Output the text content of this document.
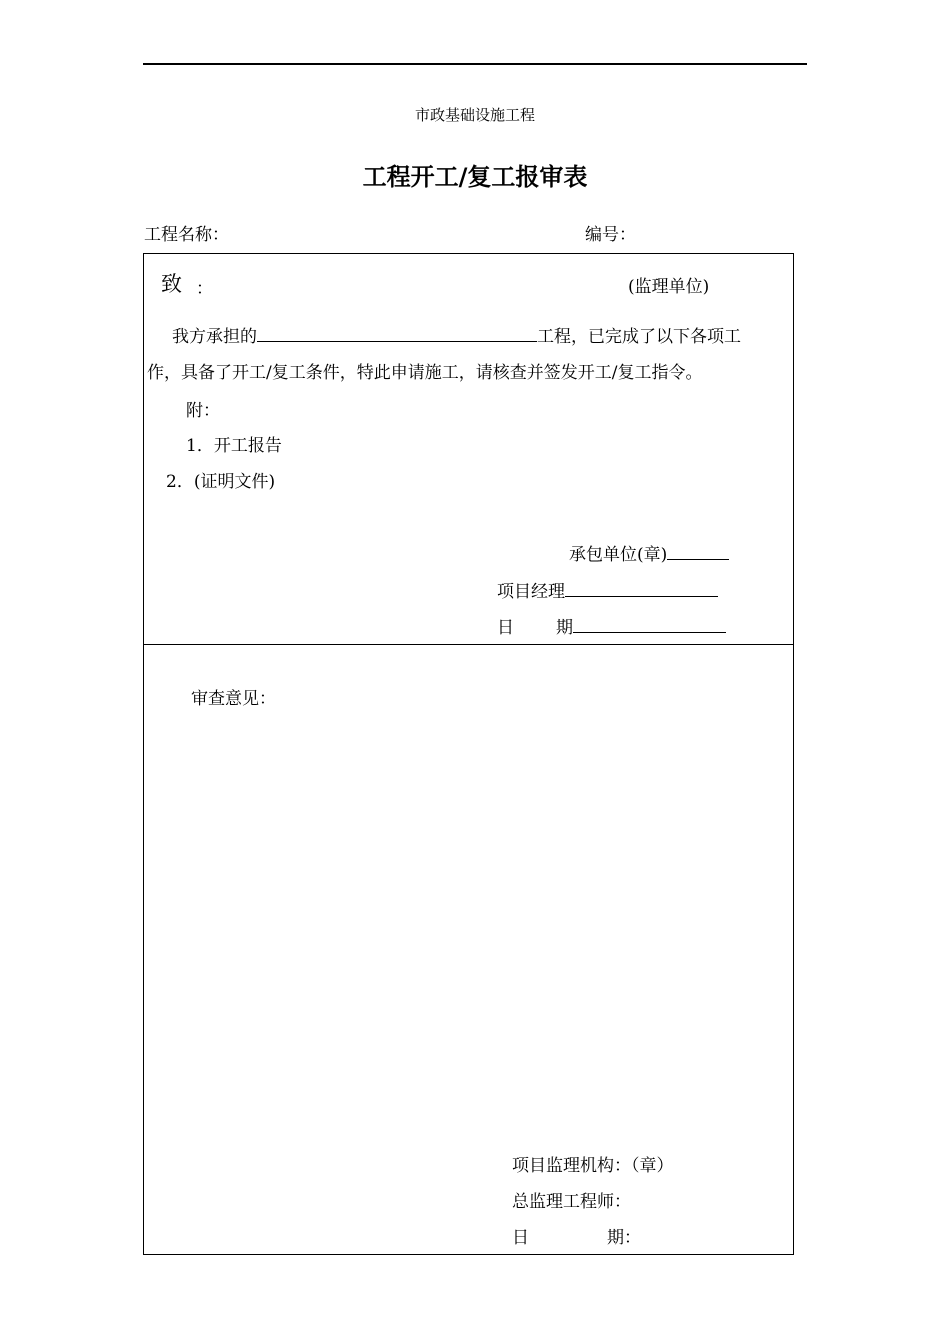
市政基础设施工程
工程开工/复工报审表
工程名称：	编号：
致 ：	(监理单位)
我方承担的	工程，已完成了以下各项工
作，具备了开工/复工条件，特此申请施工，请核查并签发开工/复工指令。
附：
1．开工报告
2．(证明文件)
承包单位(章)
项目经理
日 期
审查意见：
项目监理机构：（章）
总监理工程师：
日	期：
